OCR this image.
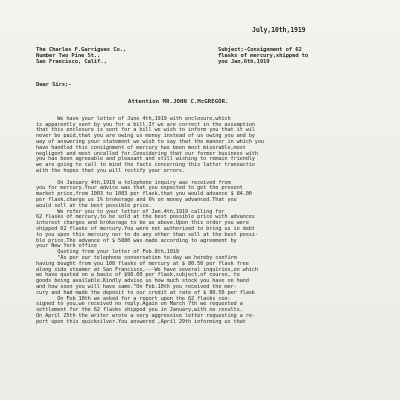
July,10th,1919
The Charles F.Garrigues Co.,
Number Two Pine St.,
San Francisco, Calif.,
Subject;-Consignment of 62
flasks of mercury,shipped to
you Jan,6th,1919
Dear Sirs;-
Attention MR.JOHN C.McGREGOR.

We have your letter of June 4th,1919 with enclosure,which
is apparently sent by you for a bill.If we are correct in the assumption
that this enclosure is sent for a bill we wish to inform you that it wil
never be paid,that you are owing us money instead of us owing you and by
way of answering your statement we wish to say that the manner in which you
have handled this consignment of mercury has been most miserable,most
negligent and most uncalled for.Considering that our former business with
you has been agreeable and pleasant and still wishing to remain friendly
we are going to call to mind the facts concerning this latter transactio
with the hopes that you will rectify your errors.

On January 4th,1919 a telephone inquiry was received from
you for mercury.Your advice was that you expected to get the present
market price,from 1003 to 1083 per flask,that you would advance $ 84.00
per flask,charge us 1% brokerage and 6% on money advanced.That you
would sell at the best possible price.
We refer you to your letter of Jan.4th,1919 calling for
62 flasks of mercury,to be sold at the best possible price with advances
interest charges and brokerage to be as above.Upon this order you were
shipped 62 flasks of mercury.You were not authorized to bring us in debt
to you upon this mercury nor to do any other than sell at the best possi-
ble price.The advance of $ 5880 was made according to agreement by
your New York office
Quoting from your letter of Feb.8th,1919
"As per our telephone conversation to-day we hereby confirm
having bought from you 100 flasks of mercury at $ 80.50 per flask free
along side steamer at San Francisco,---We have several inquiries,on which
we have quoted on a basis of $90.00 per flask,subject,of course, to
goods being available.Kindly advise us how much stock you have on hand
and how soon you will have same."On Feb.10th you received the mer-
cury and had made the deposit to our credit at rate of $ 80.50 per flask
On Feb 10th we asked for a report upon the 62 flasks con-
signed to you,we received no reply.Again on March 7th we requested a
settlement for the 62 flasks shipped you in January,with no results.
On April 25th the writer wrote a very aggressive letter requesting a re-
port upon this quicksilver.You answered ,April 29th informing us that
